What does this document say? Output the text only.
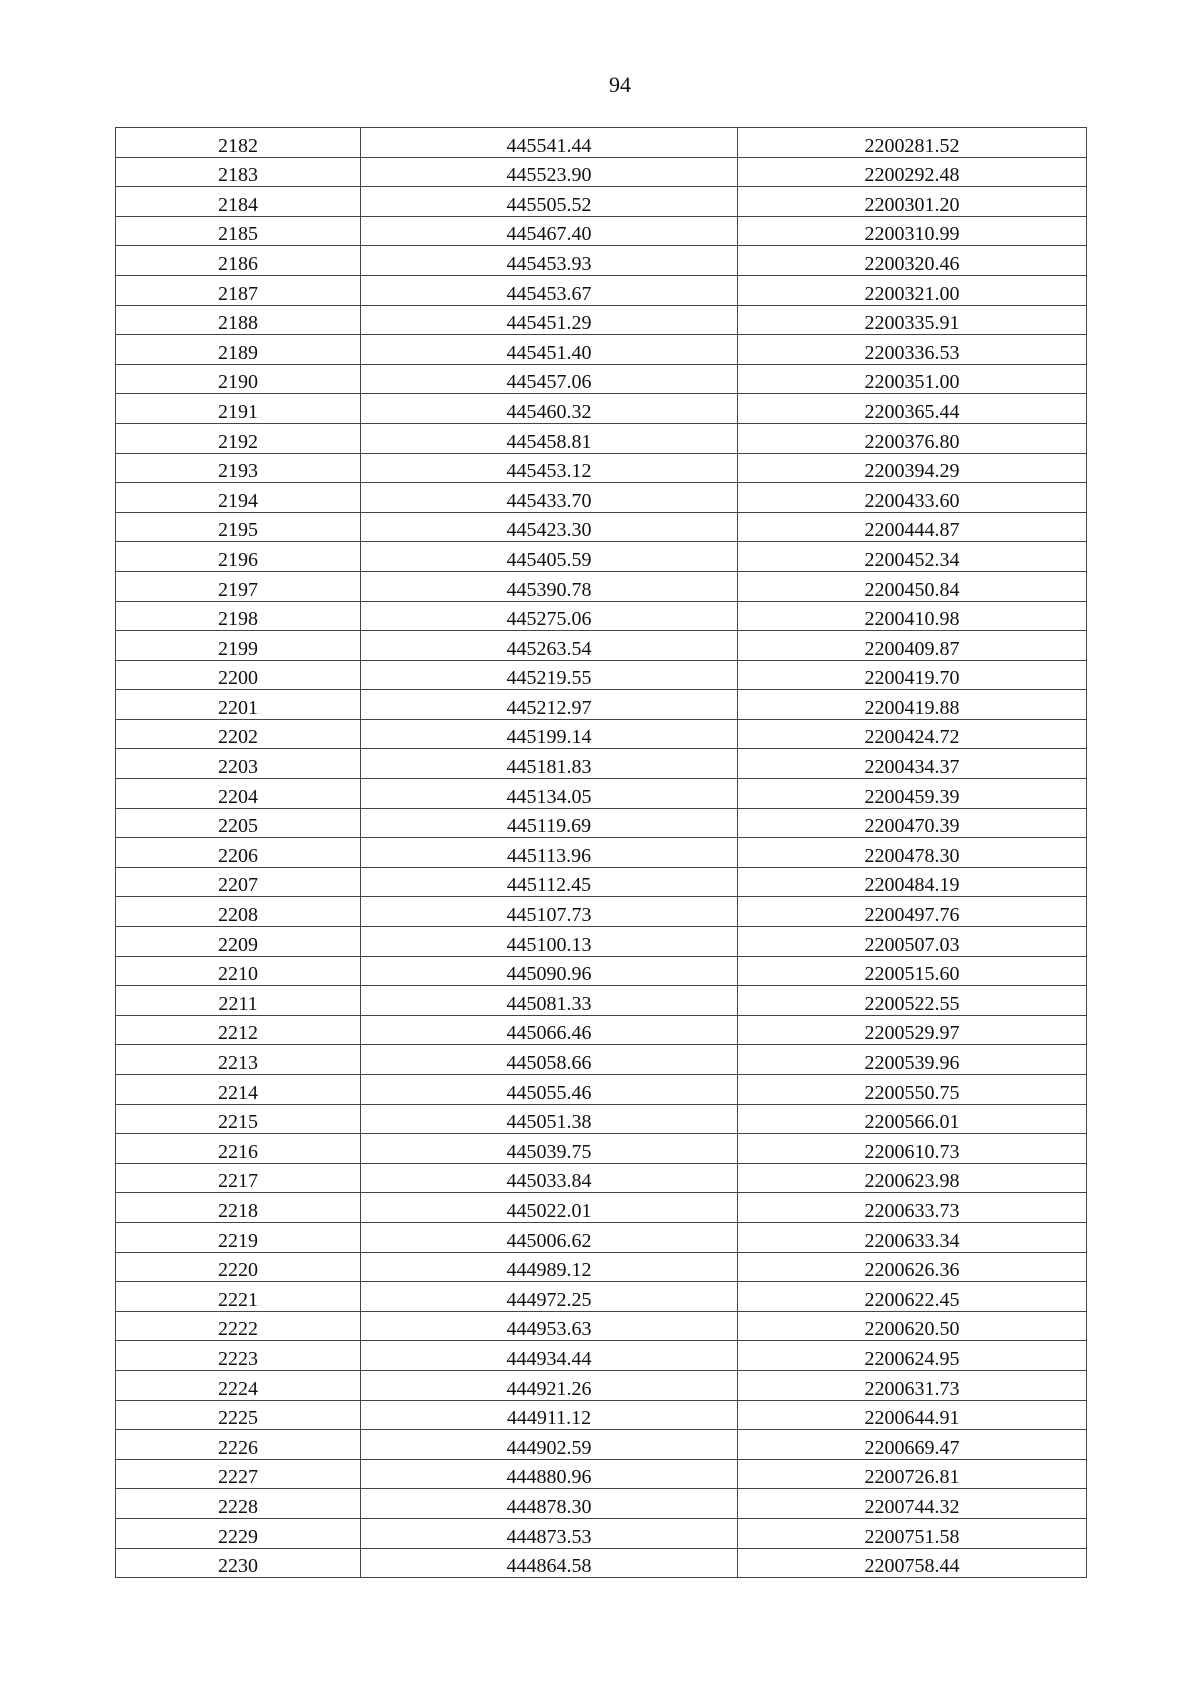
94
2182	445541.44	2200281.52
2183	445523.90	2200292.48
2184	445505.52	2200301.20
2185	445467.40	2200310.99
2186	445453.93	2200320.46
2187	445453.67	2200321.00
2188	445451.29	2200335.91
2189	445451.40	2200336.53
2190	445457.06	2200351.00
2191	445460.32	2200365.44
2192	445458.81	2200376.80
2193	445453.12	2200394.29
2194	445433.70	2200433.60
2195	445423.30	2200444.87
2196	445405.59	2200452.34
2197	445390.78	2200450.84
2198	445275.06	2200410.98
2199	445263.54	2200409.87
2200	445219.55	2200419.70
2201	445212.97	2200419.88
2202	445199.14	2200424.72
2203	445181.83	2200434.37
2204	445134.05	2200459.39
2205	445119.69	2200470.39
2206	445113.96	2200478.30
2207	445112.45	2200484.19
2208	445107.73	2200497.76
2209	445100.13	2200507.03
2210	445090.96	2200515.60
2211	445081.33	2200522.55
2212	445066.46	2200529.97
2213	445058.66	2200539.96
2214	445055.46	2200550.75
2215	445051.38	2200566.01
2216	445039.75	2200610.73
2217	445033.84	2200623.98
2218	445022.01	2200633.73
2219	445006.62	2200633.34
2220	444989.12	2200626.36
2221	444972.25	2200622.45
2222	444953.63	2200620.50
2223	444934.44	2200624.95
2224	444921.26	2200631.73
2225	444911.12	2200644.91
2226	444902.59	2200669.47
2227	444880.96	2200726.81
2228	444878.30	2200744.32
2229	444873.53	2200751.58
2230	444864.58	2200758.44
